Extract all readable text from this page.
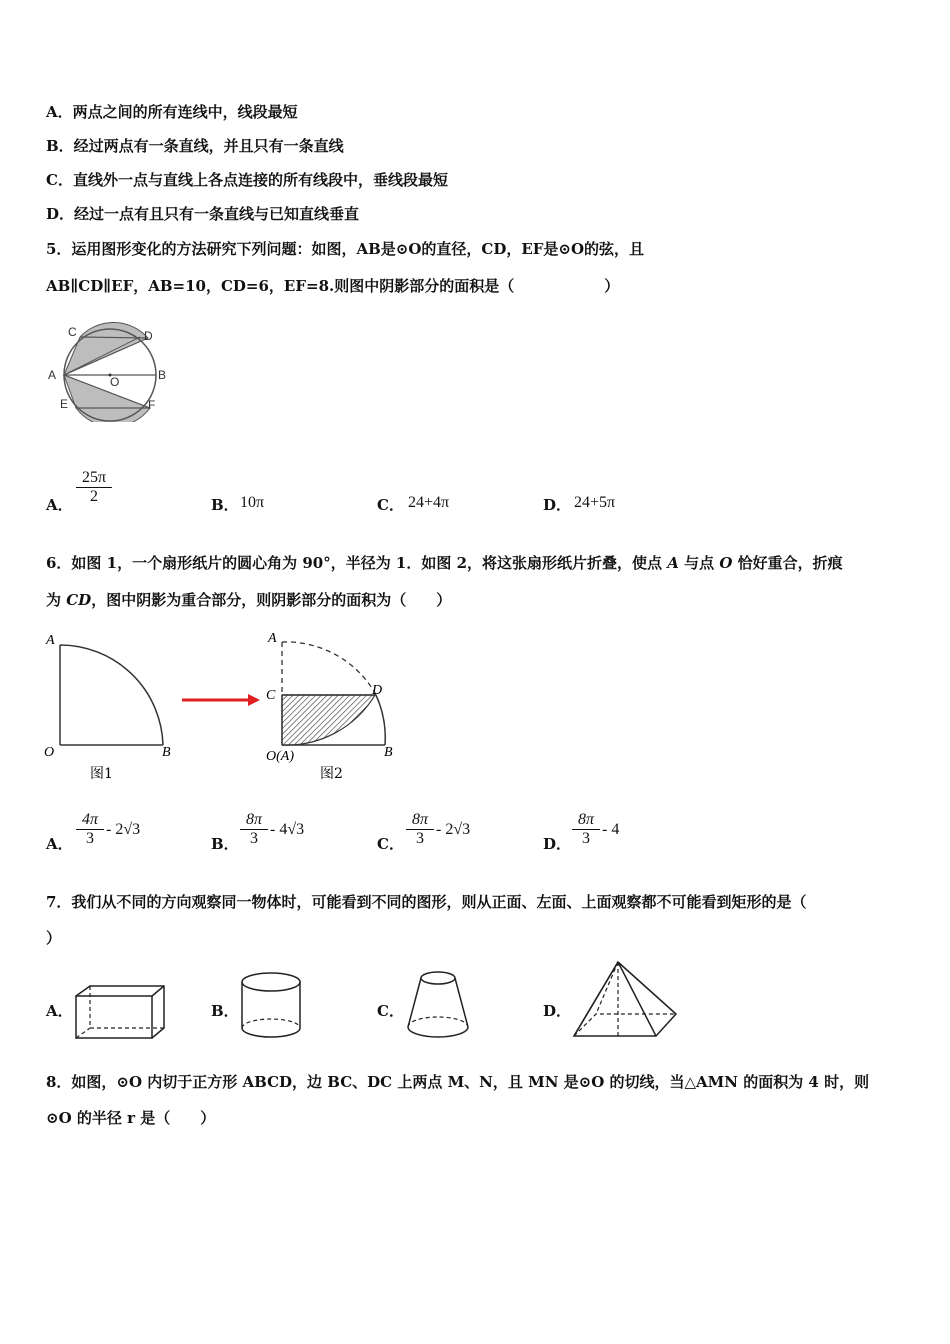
A．两点之间的所有连线中，线段最短
B．经过两点有一条直线，并且只有一条直线
C．直线外一点与直线上各点连接的所有线段中，垂线段最短
D．经过一点有且只有一条直线与已知直线垂直
5．运用图形变化的方法研究下列问题：如图，AB是⊙O的直径，CD，EF是⊙O的弦，且
AB∥CD∥EF，AB=10，CD=6，EF=8.则图中阴影部分的面积是（　　　　　　）
C	D
A	O	B
E	F
A． $\frac{25\pi}{2}$	B． 10π	C． 24+4π	D． 24+5π
6．如图 1，一个扇形纸片的圆心角为 90°，半径为 1．如图 2，将这张扇形纸片折叠，使点 A 与点 O 恰好重合，折痕
为 CD，图中阴影为重合部分，则阴影部分的面积为（　　）
A
O	B
图1
A
C	D
O(A)	B
图2
A． $\frac{4\pi}{3} - 2√3$
B． $\frac{8\pi}{3} - 4√3$
C． $\frac{8\pi}{3} - 2√3$
D． $\frac{8\pi}{3} - 4$
7．我们从不同的方向观察同一物体时，可能看到不同的图形，则从正面、左面、上面观察都不可能看到矩形的是（
）
A．	B．	C．	D．
8．如图，⊙O 内切于正方形 ABCD，边 BC、DC 上两点 M、N，且 MN 是⊙O 的切线，当△AMN 的面积为 4 时，则
⊙O 的半径 r 是（　　）
